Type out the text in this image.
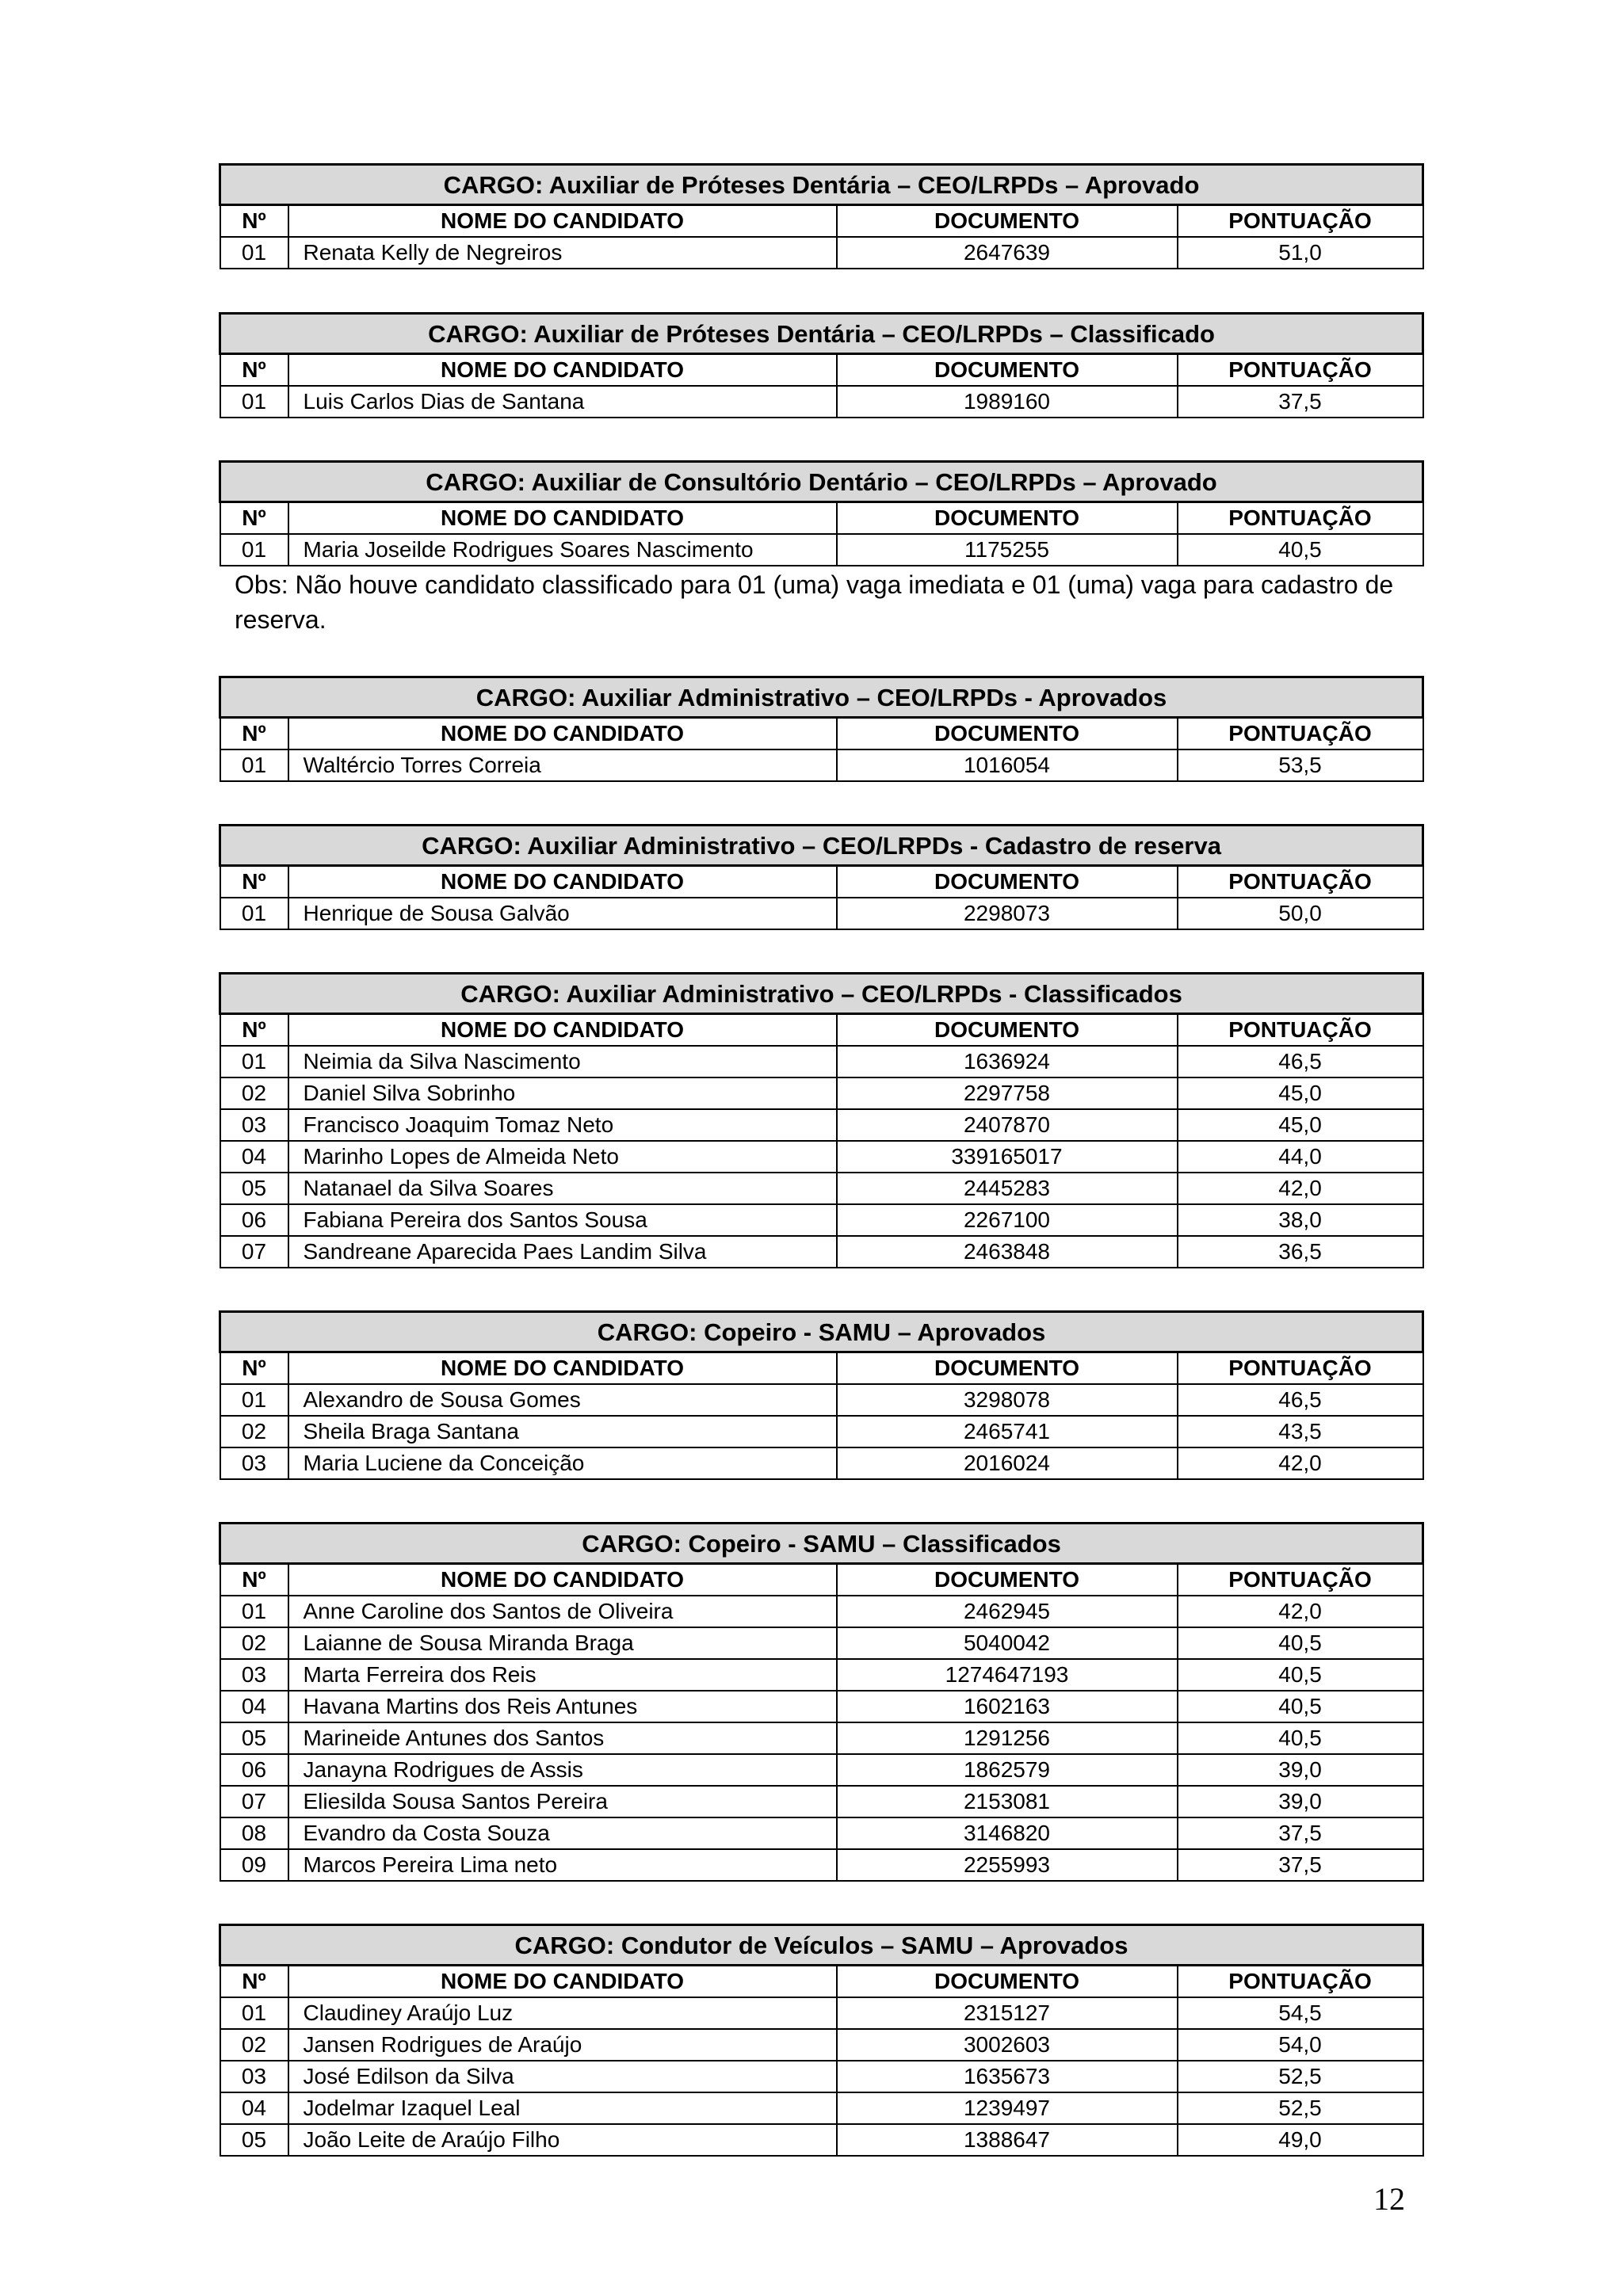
CARGO: Auxiliar de Próteses Dentária – CEO/LRPDs – Aprovado			
Nº	NOME DO CANDIDATO	DOCUMENTO	PONTUAÇÃO
01	Renata Kelly de Negreiros	2647639	51,0
CARGO: Auxiliar de Próteses Dentária – CEO/LRPDs – Classificado			
Nº	NOME DO CANDIDATO	DOCUMENTO	PONTUAÇÃO
01	Luis Carlos Dias de Santana	1989160	37,5
CARGO: Auxiliar de Consultório Dentário – CEO/LRPDs – Aprovado			
Nº	NOME DO CANDIDATO	DOCUMENTO	PONTUAÇÃO
01	Maria Joseilde Rodrigues Soares Nascimento	1175255	40,5
Obs: Não houve candidato classificado para 01 (uma) vaga imediata e 01 (uma) vaga para cadastro de reserva.
CARGO: Auxiliar Administrativo – CEO/LRPDs - Aprovados			
Nº	NOME DO CANDIDATO	DOCUMENTO	PONTUAÇÃO
01	Waltércio Torres Correia	1016054	53,5
CARGO: Auxiliar Administrativo – CEO/LRPDs - Cadastro de reserva			
Nº	NOME DO CANDIDATO	DOCUMENTO	PONTUAÇÃO
01	Henrique de Sousa Galvão	2298073	50,0
CARGO: Auxiliar Administrativo – CEO/LRPDs - Classificados			
Nº	NOME DO CANDIDATO	DOCUMENTO	PONTUAÇÃO
01	Neimia da Silva Nascimento	1636924	46,5
02	Daniel Silva Sobrinho	2297758	45,0
03	Francisco Joaquim Tomaz Neto	2407870	45,0
04	Marinho Lopes de Almeida Neto	339165017	44,0
05	Natanael da Silva Soares	2445283	42,0
06	Fabiana Pereira dos Santos Sousa	2267100	38,0
07	Sandreane Aparecida Paes Landim Silva	2463848	36,5
CARGO: Copeiro - SAMU – Aprovados			
Nº	NOME DO CANDIDATO	DOCUMENTO	PONTUAÇÃO
01	Alexandro de Sousa Gomes	3298078	46,5
02	Sheila Braga Santana	2465741	43,5
03	Maria Luciene da Conceição	2016024	42,0
CARGO: Copeiro - SAMU – Classificados			
Nº	NOME DO CANDIDATO	DOCUMENTO	PONTUAÇÃO
01	Anne Caroline dos Santos de Oliveira	2462945	42,0
02	Laianne de Sousa Miranda Braga	5040042	40,5
03	Marta Ferreira dos Reis	1274647193	40,5
04	Havana Martins dos Reis Antunes	1602163	40,5
05	Marineide Antunes dos Santos	1291256	40,5
06	Janayna Rodrigues de Assis	1862579	39,0
07	Eliesilda Sousa Santos Pereira	2153081	39,0
08	Evandro da Costa Souza	3146820	37,5
09	Marcos Pereira Lima neto	2255993	37,5
CARGO: Condutor de Veículos – SAMU – Aprovados			
Nº	NOME DO CANDIDATO	DOCUMENTO	PONTUAÇÃO
01	Claudiney Araújo Luz	2315127	54,5
02	Jansen Rodrigues de Araújo	3002603	54,0
03	José Edilson da Silva	1635673	52,5
04	Jodelmar Izaquel Leal	1239497	52,5
05	João Leite de Araújo Filho	1388647	49,0
12
